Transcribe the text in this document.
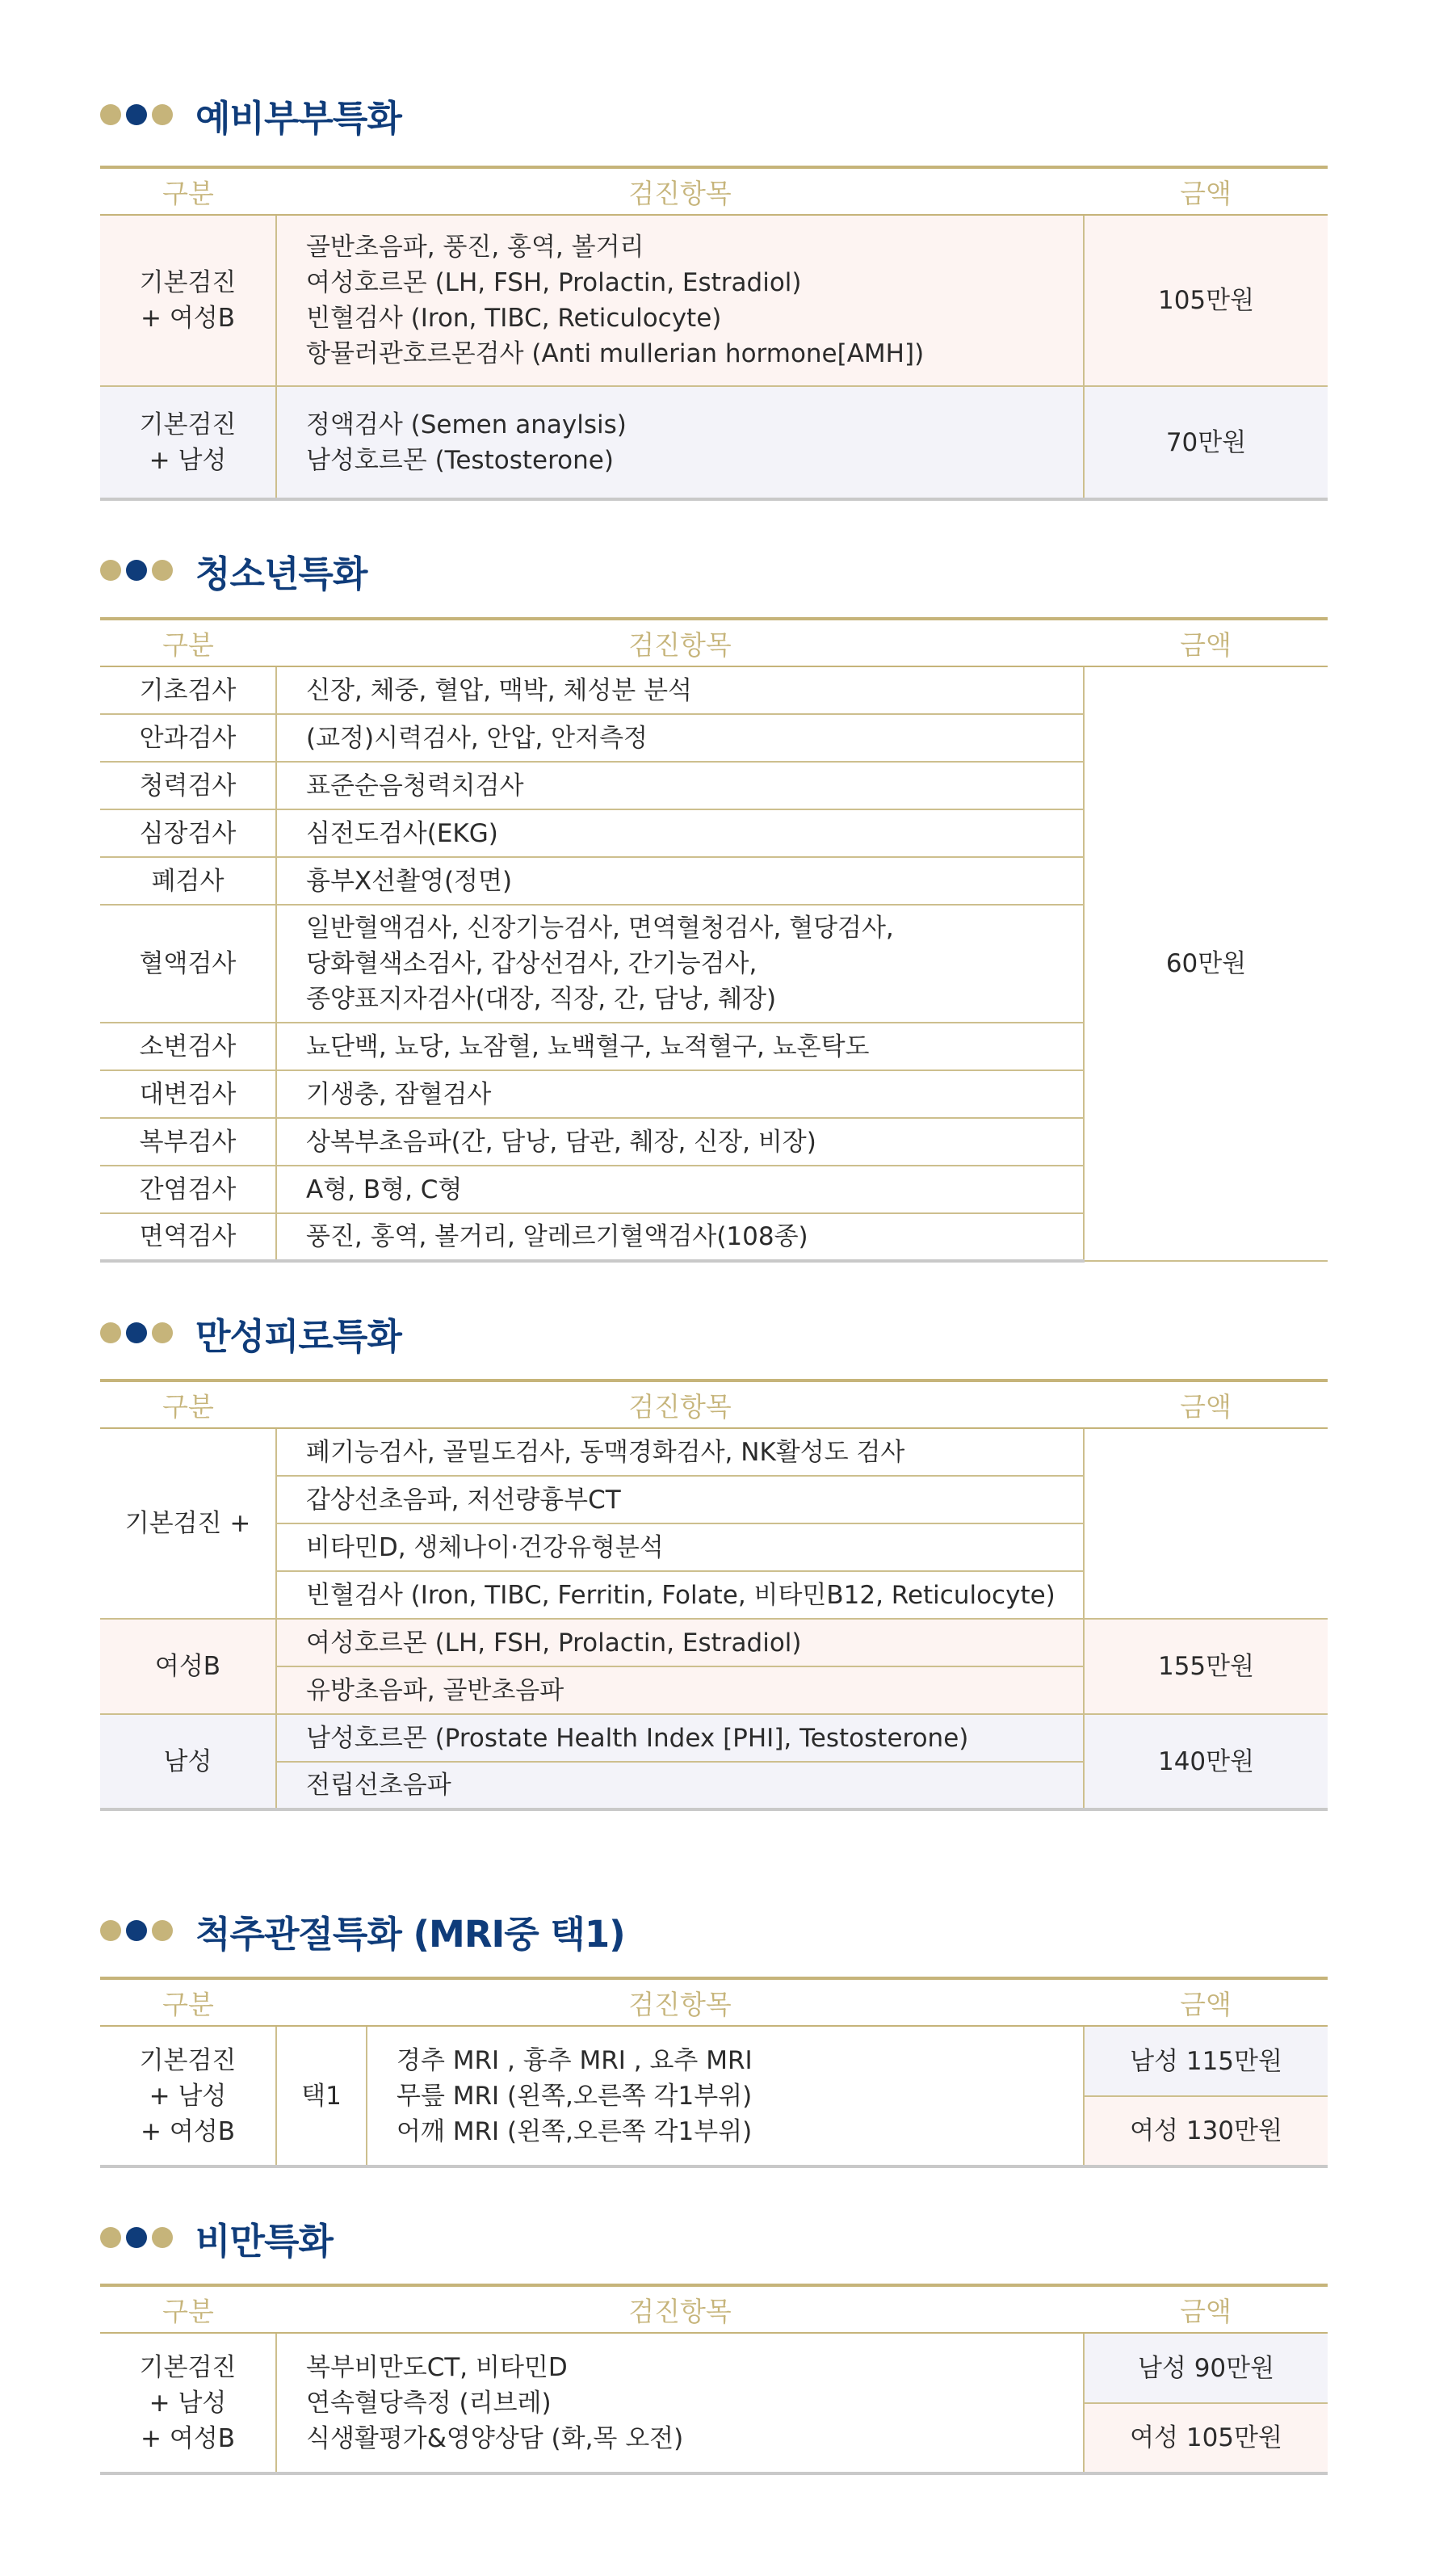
예비부부특화
구분	검진항목	금액

기본검진
+ 여성B	골반초음파, 풍진, 홍역, 볼거리
여성호르몬 (LH, FSH, Prolactin, Estradiol)
빈혈검사 (Iron, TIBC, Reticulocyte)
항뮬러관호르몬검사 (Anti mullerian hormone[AMH])	105만원

기본검진
+ 남성	정액검사 (Semen anaylsis)
남성호르몬 (Testosterone)	70만원
청소년특화
구분	검진항목	금액
기초검사	신장, 체중, 혈압, 맥박, 체성분 분석	60만원
안과검사	(교정)시력검사, 안압, 안저측정	

청력검사	표준순음청력치검사	

심장검사	심전도검사(EKG)	

폐검사	흉부X선촬영(정면)	

혈액검사	일반혈액검사, 신장기능검사, 면역혈청검사, 혈당검사,
당화혈색소검사, 갑상선검사, 간기능검사,
종양표지자검사(대장, 직장, 간, 담낭, 췌장)	

소변검사	뇨단백, 뇨당, 뇨잠혈, 뇨백혈구, 뇨적혈구, 뇨혼탁도	

대변검사	기생충, 잠혈검사	

복부검사	상복부초음파(간, 담낭, 담관, 췌장, 신장, 비장)	

간염검사	A형, B형, C형	

면역검사	풍진, 홍역, 볼거리, 알레르기혈액검사(108종)	
만성피로특화
구분	검진항목	금액
기본검진 +	폐기능검사, 골밀도검사, 동맥경화검사, NK활성도 검사	

	갑상선초음파, 저선량흉부CT	

	비타민D, 생체나이·건강유형분석	

	빈혈검사 (Iron, TIBC, Ferritin, Folate, 비타민B12, Reticulocyte)	

여성B	여성호르몬 (LH, FSH, Prolactin, Estradiol)	155만원

	유방초음파, 골반초음파	

남성	남성호르몬 (Prostate Health Index [PHI], Testosterone)	140만원

	전립선초음파	
척추관절특화 (MRI중 택1)
구분	검진항목		금액

기본검진
+ 남성
+ 여성B	택1	경추 MRI , 흉추 MRI , 요추 MRI
무릎 MRI (왼쪽,오른쪽 각1부위)
어깨 MRI (왼쪽,오른쪽 각1부위)	남성 115만원
			여성 130만원
비만특화
구분	검진항목	금액

기본검진
+ 남성
+ 여성B	복부비만도CT, 비타민D
연속혈당측정 (리브레)
식생활평가&영양상담 (화,목 오전)	남성 90만원
		여성 105만원
